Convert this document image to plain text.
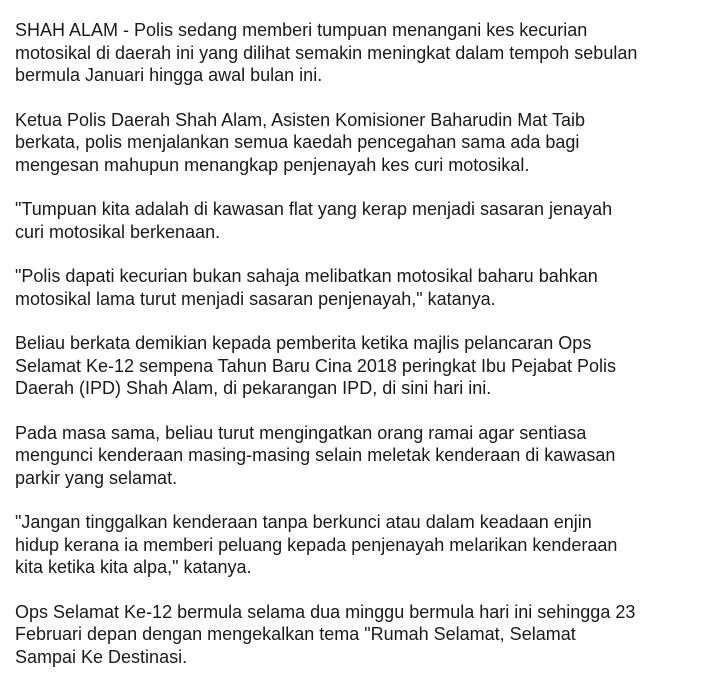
SHAH ALAM - Polis sedang memberi tumpuan menangani kes kecurian
motosikal di daerah ini yang dilihat semakin meningkat dalam tempoh sebulan
bermula Januari hingga awal bulan ini.

Ketua Polis Daerah Shah Alam, Asisten Komisioner Baharudin Mat Taib
berkata, polis menjalankan semua kaedah pencegahan sama ada bagi
mengesan mahupun menangkap penjenayah kes curi motosikal.

"Tumpuan kita adalah di kawasan flat yang kerap menjadi sasaran jenayah
curi motosikal berkenaan.

"Polis dapati kecurian bukan sahaja melibatkan motosikal baharu bahkan
motosikal lama turut menjadi sasaran penjenayah," katanya.

Beliau berkata demikian kepada pemberita ketika majlis pelancaran Ops
Selamat Ke-12 sempena Tahun Baru Cina 2018 peringkat Ibu Pejabat Polis
Daerah (IPD) Shah Alam, di pekarangan IPD, di sini hari ini.

Pada masa sama, beliau turut mengingatkan orang ramai agar sentiasa
mengunci kenderaan masing-masing selain meletak kenderaan di kawasan
parkir yang selamat.

"Jangan tinggalkan kenderaan tanpa berkunci atau dalam keadaan enjin
hidup kerana ia memberi peluang kepada penjenayah melarikan kenderaan
kita ketika kita alpa," katanya.

Ops Selamat Ke-12 bermula selama dua minggu bermula hari ini sehingga 23
Februari depan dengan mengekalkan tema "Rumah Selamat, Selamat
Sampai Ke Destinasi.
